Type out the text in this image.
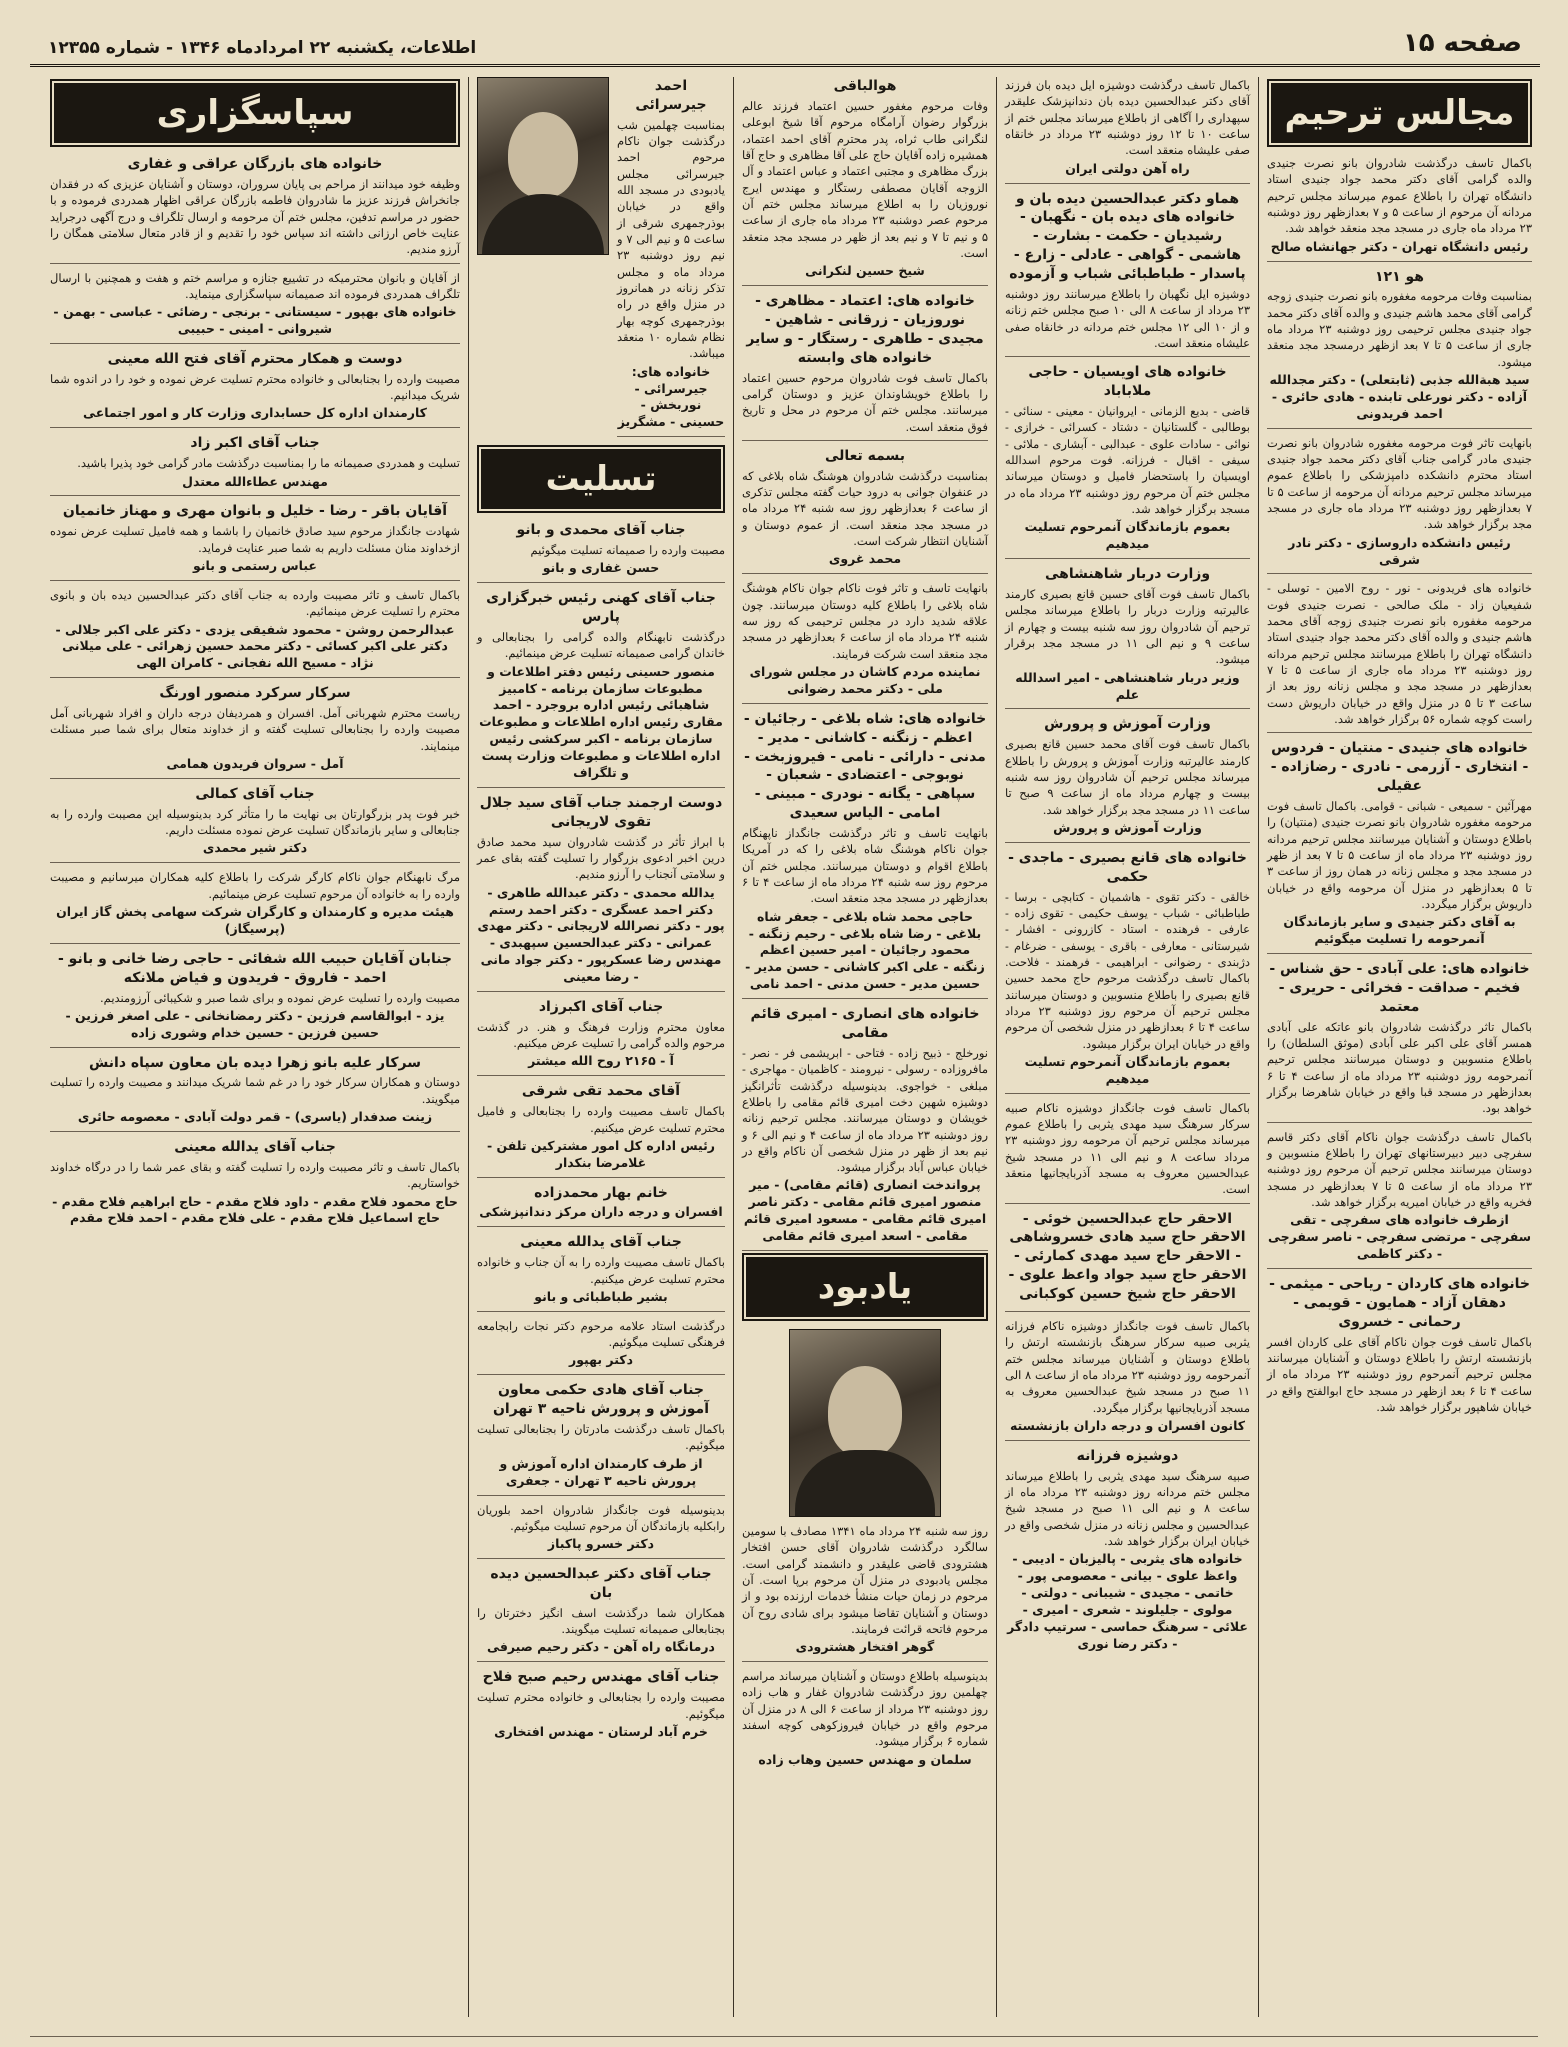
صفحه ۱۵
اطلاعات، یکشنبه ۲۲ امردادماه ۱۳۴۶ - شماره ۱۲۳۵۵
مجالس ترحیم

باکمال تاسف درگذشت شادروان بانو نصرت جنیدی والده گرامی آقای دکتر محمد جواد جنیدی استاد دانشگاه تهران را باطلاع عموم میرساند مجلس ترحیم مردانه آن مرحوم از ساعت ۵ و ۷ بعدازظهر روز دوشنبه ۲۳ مرداد ماه جاری در مسجد مجد منعقد خواهد شد.

رئیس دانشگاه تهران - دکتر جهانشاه صالح
هو ۱۲۱

بمناسبت وفات مرحومه مغفوره بانو نصرت جنیدی زوجه گرامی آقای محمد هاشم جنیدی و والده آقای دکتر محمد جواد جنیدی مجلس ترحیمی روز دوشنبه ۲۳ مرداد ماه جاری از ساعت ۵ تا ۷ بعد ازظهر درمسجد مجد منعقد میشود.

سید هبةالله جذبی (ثابتعلی) - دکتر مجدالله آزاده - دکتر نورعلی تابنده - هادی حائری - احمد فریدونی

بانهایت تاثر فوت مرحومه مغفوره شادروان بانو نصرت جنیدی مادر گرامی جناب آقای دکتر محمد جواد جنیدی استاد محترم دانشکده دامپزشکی را باطلاع عموم میرساند مجلس ترحیم مردانه آن مرحومه از ساعت ۵ تا ۷ بعدازظهر روز دوشنبه ۲۳ مرداد ماه جاری در مسجد مجد برگزار خواهد شد.

رئیس دانشکده داروسازی - دکتر نادر شرقی

خانواده های فریدونی - نور - روح الامین - توسلی - شفیعیان زاد - ملک صالحی - نصرت جنیدی فوت مرحومه مغفوره بانو نصرت جنیدی زوجه آقای محمد هاشم جنیدی و والده آقای دکتر محمد جواد جنیدی استاد دانشگاه تهران را باطلاع میرسانند مجلس ترحیم مردانه روز دوشنبه ۲۳ مرداد ماه جاری از ساعت ۵ تا ۷ بعدازظهر در مسجد مجد و مجلس زنانه روز بعد از ساعت ۳ تا ۵ در منزل واقع در خیابان داریوش دست راست کوچه شماره ۵۶ برگزار خواهد شد.

خانواده های جنیدی - منتیان - فردوس - انتخاری - آزرمی - نادری - رضازاده - عقیلی

مهرآئین - سمیعی - شبانی - قوامی. باکمال تاسف فوت مرحومه مغفوره شادروان بانو نصرت جنیدی (منتیان) را باطلاع دوستان و آشنایان میرسانند مجلس ترحیم مردانه روز دوشنبه ۲۳ مرداد ماه از ساعت ۵ تا ۷ بعد از ظهر در مسجد مجد و مجلس زنانه در همان روز از ساعت ۳ تا ۵ بعدازظهر در منزل آن مرحومه واقع در خیابان داریوش برگزار میگردد.

به آقای دکتر جنیدی و سایر بازماندگان آنمرحومه را تسلیت میگوئیم
خانواده های: علی آبادی - حق شناس - فخیم - صداقت - فخرائی - حریری - معتمد

باکمال تاثر درگذشت شادروان بانو عاتکه علی آبادی همسر آقای علی اکبر علی آبادی (موثق السلطان) را باطلاع منسوبین و دوستان میرسانند مجلس ترحیم آنمرحومه روز دوشنبه ۲۳ مرداد ماه از ساعت ۴ تا ۶ بعدازظهر در مسجد قبا واقع در خیابان شاهرضا برگزار خواهد بود.

باکمال تاسف درگذشت جوان ناکام آقای دکتر قاسم سفرچی دبیر دبیرستانهای تهران را باطلاع منسوبین و دوستان میرسانند مجلس ترحیم آن مرحوم روز دوشنبه ۲۳ مرداد ماه از ساعت ۵ تا ۷ بعدازظهر در مسجد فخریه واقع در خیابان امیریه برگزار خواهد شد.

ازطرف خانواده های سفرچی - تقی سفرچی - مرتضی سفرچی - ناصر سفرچی - دکتر کاظمی
خانواده های کاردان - ریاحی - میثمی - دهقان آزاد - همایون - قویمی - رحمانی - خسروی

باکمال تاسف فوت جوان ناکام آقای علی کاردان افسر بازنشسته ارتش را باطلاع دوستان و آشنایان میرسانند مجلس ترحیم آنمرحوم روز دوشنبه ۲۳ مرداد ماه از ساعت ۴ تا ۶ بعد ازظهر در مسجد حاج ابوالفتح واقع در خیابان شاهپور برگزار خواهد شد.

باکمال تاسف درگذشت دوشیزه ایل دیده بان فرزند آقای دکتر عبدالحسین دیده بان دندانپزشک علیقدر سپهداری را آگاهی از باطلاع میرساند مجلس ختم از ساعت ۱۰ تا ۱۲ روز دوشنبه ۲۳ مرداد در خانقاه صفی علیشاه منعقد است.

راه آهن دولتی ایران
هماو دکتر عبدالحسین دیده بان و خانواده های دیده بان - نگهبان - رشیدیان - حکمت - بشارت - هاشمی - گواهی - عادلی - زارع - پاسدار - طباطبائی شباب و آزموده

دوشیزه ایل نگهبان را باطلاع میرسانند روز دوشنبه ۲۳ مرداد از ساعت ۸ الی ۱۰ صبح مجلس ختم زنانه و از ۱۰ الی ۱۲ مجلس ختم مردانه در خانقاه صفی علیشاه منعقد است.

خانواده های اویسیان - حاجی ملاباباد

قاضی - بدیع الزمانی - ایروانیان - معینی - سنائی - بوطالبی - گلستانیان - دشتاد - کسرائی - خرازی - نوائی - سادات علوی - عبدالبی - آبشاری - ملائی - سیفی - اقبال - فرزانه. فوت مرحوم اسدالله اویسیان را باستحضار فامیل و دوستان میرساند مجلس ختم آن مرحوم روز دوشنبه ۲۳ مرداد ماه در مسجد برگزار خواهد شد.

بعموم بازماندگان آنمرحوم تسلیت میدهیم
وزارت دربار شاهنشاهی

باکمال تاسف فوت آقای حسین قانع بصیری کارمند عالیرتبه وزارت دربار را باطلاع میرساند مجلس ترحیم آن شادروان روز سه شنبه بیست و چهارم از ساعت ۹ و نیم الی ۱۱ در مسجد مجد برقرار میشود.

وزیر دربار شاهنشاهی - امیر اسدالله علم
وزارت آموزش و پرورش

باکمال تاسف فوت آقای محمد حسین قانع بصیری کارمند عالیرتبه وزارت آموزش و پرورش را باطلاع میرساند مجلس ترحیم آن شادروان روز سه شنبه بیست و چهارم مرداد ماه از ساعت ۹ صبح تا ساعت ۱۱ در مسجد مجد برگزار خواهد شد.

وزارت آموزش و پرورش
خانواده های قانع بصیری - ماجدی - حکمی

خالقی - دکتر تقوی - هاشمیان - کتابچی - برسا - طباطبائی - شباب - یوسف حکیمی - تقوی زاده - عارفی - فرهنده - استاد - کازرونی - افشار - شیرستانی - معارفی - باقری - یوسفی - ضرغام - دژبندی - رضوانی - ابراهیمی - فرهمند - فلاحت. باکمال تاسف درگذشت مرحوم حاج محمد حسین قانع بصیری را باطلاع منسوبین و دوستان میرسانند مجلس ترحیم آن مرحوم روز دوشنبه ۲۳ مرداد ساعت ۴ تا ۶ بعدازظهر در منزل شخصی آن مرحوم واقع در خیابان ایران برگزار میشود.

بعموم بازماندگان آنمرحوم تسلیت میدهیم

باکمال تاسف فوت جانگداز دوشیزه ناکام صبیه سرکار سرهنگ سید مهدی یثربی را باطلاع عموم میرساند مجلس ترحیم آن مرحومه روز دوشنبه ۲۳ مرداد ساعت ۸ و نیم الی ۱۱ در مسجد شیخ عبدالحسین معروف به مسجد آذربایجانیها منعقد است.

الاحقر حاج عبدالحسین خوئی - الاحقر حاج سید هادی خسروشاهی - الاحقر حاج سید مهدی کمارئی - الاحقر حاج سید جواد واعظ علوی - الاحقر حاج شیخ حسین کوکبانی

باکمال تاسف فوت جانگداز دوشیزه ناکام فرزانه یثربی صبیه سرکار سرهنگ بازنشسته ارتش را باطلاع دوستان و آشنایان میرساند مجلس ختم آنمرحومه روز دوشنبه ۲۳ مرداد ماه از ساعت ۸ الی ۱۱ صبح در مسجد شیخ عبدالحسین معروف به مسجد آذربایجانیها برگزار میگردد.

کانون افسران و درجه داران بازنشسته
دوشیزه فرزانه

صبیه سرهنگ سید مهدی یثربی را باطلاع میرساند مجلس ختم مردانه روز دوشنبه ۲۳ مرداد ماه از ساعت ۸ و نیم الی ۱۱ صبح در مسجد شیخ عبدالحسین و مجلس زنانه در منزل شخصی واقع در خیابان ایران برگزار خواهد شد.

خانواده های یثربی - پالیزبان - ادیبی - واعظ علوی - بیانی - معصومی پور - خاتمی - مجیدی - شیبانی - دولتی - مولوی - جلیلوند - شعری - امیری - علائی - سرهنگ حماسی - سرتیپ دادگر - دکتر رضا نوری
هوالباقی

وفات مرحوم مغفور حسین اعتماد فرزند عالم بزرگوار رضوان آرامگاه مرحوم آقا شیخ ابوعلی لنگرانی طاب ثراه، پدر محترم آقای احمد اعتماد، همشیره زاده آقایان حاج علی آقا مظاهری و حاج آقا بزرگ مظاهری و مجتبی اعتماد و عباس اعتماد و آل الزوجه آقایان مصطفی رستگار و مهندس ایرج نوروزیان را به اطلاع میرساند مجلس ختم آن مرحوم عصر دوشنبه ۲۳ مرداد ماه جاری از ساعت ۵ و نیم تا ۷ و نیم بعد از ظهر در مسجد مجد منعقد است.

شیخ حسین لنکرانی
خانواده های: اعتماد - مظاهری - نوروزیان - زرقانی - شاهین - مجیدی - طاهری - رستگار - و سایر خانواده های وابسته

باکمال تاسف فوت شادروان مرحوم حسین اعتماد را باطلاع خویشاوندان عزیز و دوستان گرامی میرسانند. مجلس ختم آن مرحوم در محل و تاریخ فوق منعقد است.

بسمه تعالی

بمناسبت درگذشت شادروان هوشنگ شاه بلاغی که در عنفوان جوانی به درود حیات گفته مجلس تذکری از ساعت ۶ بعدازظهر روز سه شنبه ۲۴ مرداد ماه در مسجد مجد منعقد است. از عموم دوستان و آشنایان انتظار شرکت است.

محمد غروی

بانهایت تاسف و تاثر فوت ناکام جوان ناکام هوشنگ شاه بلاغی را باطلاع کلیه دوستان میرسانند. چون علاقه شدید دارد در مجلس ترحیمی که روز سه شنبه ۲۴ مرداد ماه از ساعت ۶ بعدازظهر در مسجد مجد منعقد است شرکت فرمایند.

نماینده مردم کاشان در مجلس شورای ملی - دکتر محمد رضوانی
خانواده های: شاه بلاغی - رجائیان - اعظم - زنگنه - کاشانی - مدیر - مدنی - دارائی - نامی - فیروزبخت - نوبوجی - اعتضادی - شعبان - سپاهی - یگانه - نودری - مبینی - امامی - الیاس سعیدی

بانهایت تاسف و تاثر درگذشت جانگداز ناپهنگام جوان ناکام هوشنگ شاه بلاغی را که در آمریکا باطلاع اقوام و دوستان میرسانند. مجلس ختم آن مرحوم روز سه شنبه ۲۴ مرداد ماه از ساعت ۴ تا ۶ بعدازظهر در مسجد مجد منعقد است.

حاجی محمد شاه بلاغی - جعفر شاه بلاغی - رضا شاه بلاغی - رحیم زنگنه - محمود رجائیان - امیر حسین اعظم زنگنه - علی اکبر کاشانی - حسن مدیر - حسین مدیر - حسن مدنی - احمد نامی
خانواده های انصاری - امیری قائم مقامی

نورخلج - ذبیح زاده - فتاحی - ابریشمی فر - نصر - مافروزاده - رسولی - نیرومند - کاظمیان - مهاجری - مبلغی - خواجوی. بدینوسیله درگذشت تأثرانگیز دوشیزه شهین دخت امیری قائم مقامی را باطلاع خویشان و دوستان میرسانند. مجلس ترحیم زنانه روز دوشنبه ۲۳ مرداد ماه از ساعت ۴ و نیم الی ۶ و نیم بعد از ظهر در منزل شخصی آن ناکام واقع در خیابان عباس آباد برگزار میشود.

پرواندخت انصاری (قائم مقامی) - میر منصور امیری قائم مقامی - دکتر ناصر امیری قائم مقامی - مسعود امیری قائم مقامی - اسعد امیری قائم مقامی
یادبود

روز سه شنبه ۲۴ مرداد ماه ۱۳۴۱ مصادف با سومین سالگرد درگذشت شادروان آقای حسن افتخار هشترودی قاضی علیقدر و دانشمند گرامی است. مجلس یادبودی در منزل آن مرحوم برپا است. آن مرحوم در زمان حیات منشأ خدمات ارزنده بود و از دوستان و آشنایان تقاضا میشود برای شادی روح آن مرحوم فاتحه قرائت فرمایند.

گوهر افتخار هشترودی

بدینوسیله باطلاع دوستان و آشنایان میرساند مراسم چهلمین روز درگذشت شادروان غفار و هاب زاده روز دوشنبه ۲۳ مرداد از ساعت ۶ الی ۸ در منزل آن مرحوم واقع در خیابان فیروزکوهی کوچه اسفند شماره ۶ برگزار میشود.

سلمان و مهندس حسین وهاب زاده
احمد جیرسرائی

بمناسبت چهلمین شب درگذشت جوان ناکام مرحوم احمد جیرسرائی مجلس یادبودی در مسجد الله واقع در خیابان بوذرجمهری شرقی از ساعت ۵ و نیم الی ۷ و نیم روز دوشنبه ۲۳ مرداد ماه و مجلس تذکر زنانه در همانروز در منزل واقع در راه بوذرجمهری کوچه بهار نظام شماره ۱۰ منعقد میباشد.

خانواده های: جیرسرائی - نوربخش - حسینی - مشگریز
تسلیت
جناب آقای محمدی و بانو

مصیبت وارده را صمیمانه تسلیت میگوئیم

حسن غفاری و بانو
جناب آقای کهنی رئیس خبرگزاری پارس

درگذشت نابهنگام والده گرامی را بجنابعالی و خاندان گرامی صمیمانه تسلیت عرض مینمائیم.

منصور حسینی رئیس دفتر اطلاعات و مطبوعات سازمان برنامه - کامبیز شاهبائی رئیس اداره بروجرد - احمد مقاری رئیس اداره اطلاعات و مطبوعات سازمان برنامه - اکبر سرکشی رئیس اداره اطلاعات و مطبوعات وزارت پست و تلگراف
دوست ارجمند جناب آقای سید جلال تقوی لاریجانی

با ابراز تأثر در گذشت شادروان سید محمد صادق درین اخبر ادعوی بزرگوار را تسلیت گفته بقای عمر و سلامتی آنجناب را آرزو مندیم.

یدالله محمدی - دکتر عبدالله طاهری - دکتر احمد عسگری - دکتر احمد رستم پور - دکتر نصرالله لاریجانی - دکتر مهدی عمرانی - دکتر عبدالحسین سپهبدی - مهندس رضا عسکرپور - دکتر جواد مانی - رضا معینی
جناب آقای اکبرزاد

معاون محترم وزارت فرهنگ و هنر. در گذشت مرحوم والده گرامی را تسلیت عرض میکنیم.

آ - ۲۱۶۵ روح الله میشتر
آقای محمد تقی شرقی

باکمال تاسف مصیبت وارده را بجنابعالی و فامیل محترم تسلیت عرض میکنیم.

رئیس اداره کل امور مشترکین تلفن - غلامرضا بنکدار
خانم بهار محمدزاده
افسران و درجه داران مرکز دندانپزشکی
جناب آقای یدالله معینی

باکمال تاسف مصیبت وارده را به آن جناب و خانواده محترم تسلیت عرض میکنیم.

بشیر طباطبائی و بانو

درگذشت استاد علامه مرحوم دکتر نجات رابجامعه فرهنگی تسلیت میگوئیم.

دکتر بهپور
جناب آقای هادی حکمی معاون آموزش و پرورش ناحیه ۳ تهران

باکمال تاسف درگذشت مادرتان را بجنابعالی تسلیت میگوئیم.

از طرف کارمندان اداره آموزش و پرورش ناحیه ۳ تهران - جعفری

بدینوسیله فوت جانگداز شادروان احمد بلوریان رابکلیه بازماندگان آن مرحوم تسلیت میگوئیم.

دکتر خسرو پاکباز
جناب آقای دکتر عبدالحسین دیده بان

همکاران شما درگذشت اسف انگیز دخترتان را بجنابعالی صمیمانه تسلیت میگویند.

درمانگاه راه آهن - دکتر رحیم صیرفی
جناب آقای مهندس رحیم صبح فلاح

مصیبت وارده را بجنابعالی و خانواده محترم تسلیت میگوئیم.

خرم آباد لرستان - مهندس افتخاری
سپاسگزاری
خانواده های بازرگان عراقی و غفاری

وظیفه خود میدانند از مراحم بی پایان سروران، دوستان و آشنایان عزیزی که در فقدان جانخراش فرزند عزیز ما شادروان فاطمه بازرگان عراقی اظهار همدردی فرموده و با حضور در مراسم تدفین، مجلس ختم آن مرحومه و ارسال تلگراف و درج آگهی درجراید عنایت خاص ارزانی داشته اند سپاس خود را تقدیم و از قادر متعال سلامتی همگان را آرزو مندیم.

از آقایان و بانوان محترمیکه در تشییع جنازه و مراسم ختم و هفت و همچنین با ارسال تلگراف همدردی فرموده اند صمیمانه سپاسگزاری مینماید.

خانواده های بهپور - سیستانی - برنجی - رضائی - عباسی - بهمن - شیروانی - امینی - حبیبی
دوست و همکار محترم آقای فتح الله معینی

مصیبت وارده را بجنابعالی و خانواده محترم تسلیت عرض نموده و خود را در اندوه شما شریک میدانیم.

کارمندان اداره کل حسابداری وزارت کار و امور اجتماعی
جناب آقای اکبر زاد

تسلیت و همدردی صمیمانه ما را بمناسبت درگذشت مادر گرامی خود پذیرا باشید.

مهندس عطاءالله معتدل
آقایان باقر - رضا - خلیل و بانوان مهری و مهناز خانمیان

شهادت جانگداز مرحوم سید صادق خانمیان را باشما و همه فامیل تسلیت عرض نموده ازخداوند منان مسئلت داریم به شما صبر عنایت فرماید.

عباس رستمی و بانو

باکمال تاسف و تاثر مصیبت وارده به جناب آقای دکتر عبدالحسین دیده بان و بانوی محترم را تسلیت عرض مینمائیم.

عبدالرحمن روشن - محمود شفیقی یزدی - دکتر علی اکبر جلالی - دکتر علی اکبر کسائی - دکتر محمد حسین زهرائی - علی میلانی نژاد - مسیح الله نفجانی - کامران الهی
سرکار سرکرد منصور اورنگ

ریاست محترم شهربانی آمل. افسران و همردیفان درجه داران و افراد شهربانی آمل مصیبت وارده را بجنابعالی تسلیت گفته و از خداوند متعال برای شما صبر مسئلت مینمایند.

آمل - سروان فریدون همامی
جناب آقای کمالی

خبر فوت پدر بزرگوارتان بی نهایت ما را متأثر کرد بدینوسیله این مصیبت وارده را به جنابعالی و سایر بازماندگان تسلیت عرض نموده مسئلت داریم.

دکتر شیر محمدی

مرگ نابهنگام جوان ناکام کارگر شرکت را باطلاع کلیه همکاران میرسانیم و مصیبت وارده را به خانواده آن مرحوم تسلیت عرض مینمائیم.

هیئت مدیره و کارمندان و کارگران شرکت سهامی پخش گاز ایران (پرسیگاز)
جنابان آقایان حبیب الله شفائی - حاجی رضا خانی و بانو - احمد - فاروق - فریدون و فیاض ملانکه

مصیبت وارده را تسلیت عرض نموده و برای شما صبر و شکیبائی آرزومندیم.

یزد - ابوالقاسم فرزین - دکتر رمضانخانی - علی اصغر فرزین - حسین فرزین - حسین خدام وشوری زاده
سرکار علیه بانو زهرا دیده بان معاون سپاه دانش

دوستان و همکاران سرکار خود را در غم شما شریک میدانند و مصیبت وارده را تسلیت میگویند.

زینت صدفدار (یاسری) - قمر دولت آبادی - معصومه حائری
جناب آقای یدالله معینی

باکمال تاسف و تاثر مصیبت وارده را تسلیت گفته و بقای عمر شما را در درگاه خداوند خواستاریم.

حاج محمود فلاح مقدم - داود فلاح مقدم - حاج ابراهیم فلاح مقدم - حاج اسماعیل فلاح مقدم - علی فلاح مقدم - احمد فلاح مقدم
